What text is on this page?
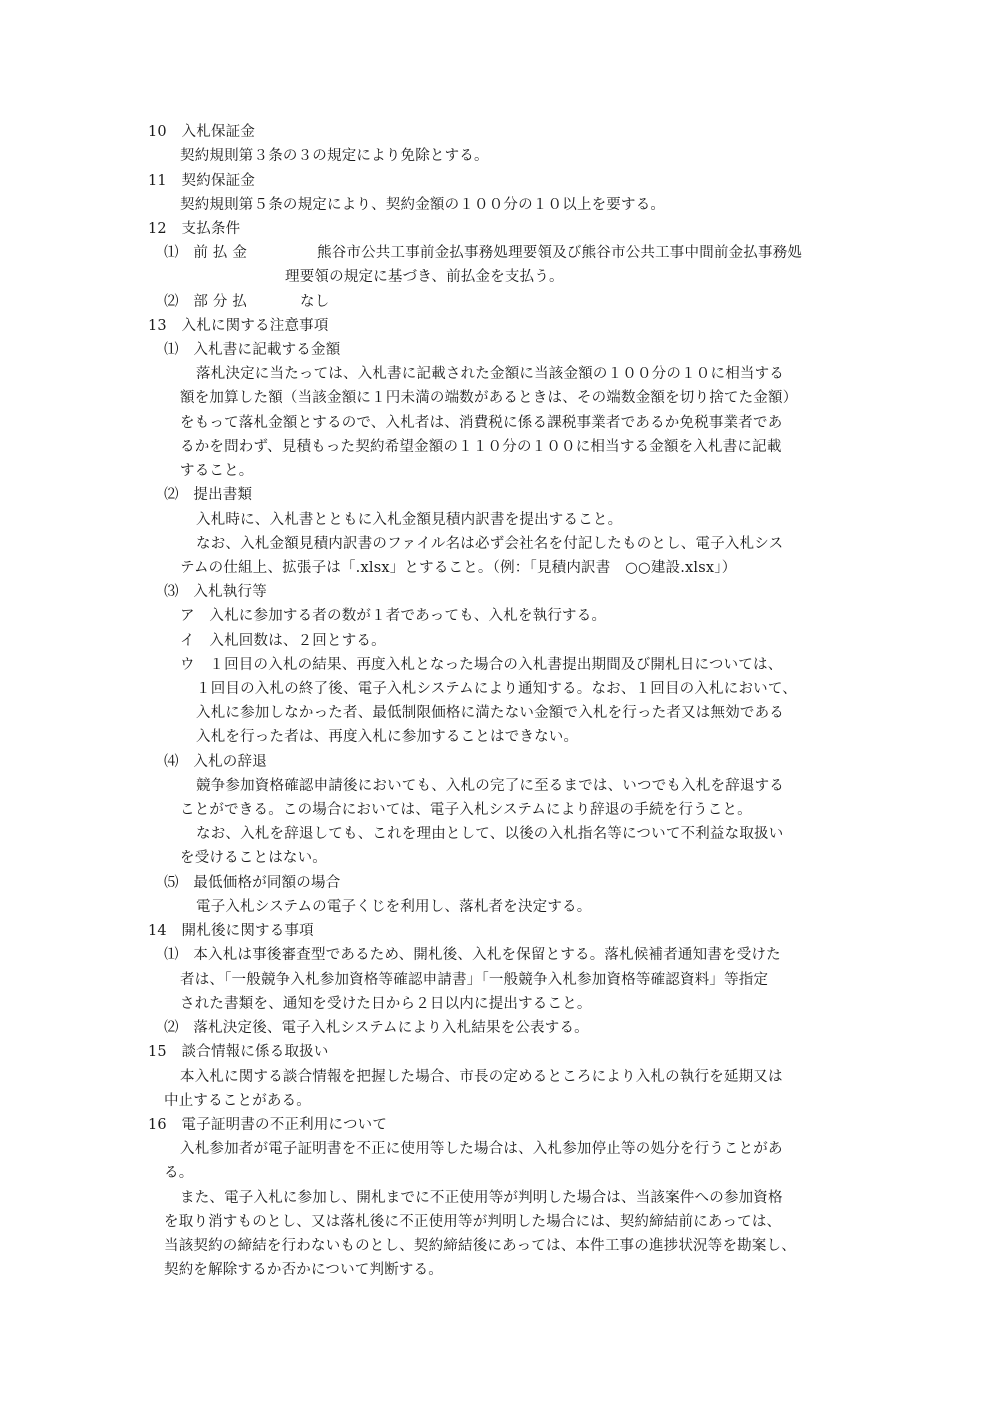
10　入札保証金
契約規則第３条の３の規定により免除とする。
11　契約保証金
契約規則第５条の規定により、契約金額の１００分の１０以上を要する。
12　支払条件
⑴　前 払 金	熊谷市公共工事前金払事務処理要領及び熊谷市公共工事中間前金払事務処
理要領の規定に基づき、前払金を支払う。
⑵　部 分 払	なし
13　入札に関する注意事項
⑴　入札書に記載する金額
落札決定に当たっては、入札書に記載された金額に当該金額の１００分の１０に相当する
額を加算した額（当該金額に１円未満の端数があるときは、その端数金額を切り捨てた金額）
をもって落札金額とするので、入札者は、消費税に係る課税事業者であるか免税事業者であ
るかを問わず、見積もった契約希望金額の１１０分の１００に相当する金額を入札書に記載
すること。
⑵　提出書類
入札時に、入札書とともに入札金額見積内訳書を提出すること。
なお、入札金額見積内訳書のファイル名は必ず会社名を付記したものとし、電子入札シス
テムの仕組上、拡張子は「.xlsx」とすること。（例：「見積内訳書　○○建設.xlsx」）
⑶　入札執行等
ア　入札に参加する者の数が１者であっても、入札を執行する。
イ　入札回数は、２回とする。
ウ　１回目の入札の結果、再度入札となった場合の入札書提出期間及び開札日については、
１回目の入札の終了後、電子入札システムにより通知する。なお、１回目の入札において、
入札に参加しなかった者、最低制限価格に満たない金額で入札を行った者又は無効である
入札を行った者は、再度入札に参加することはできない。
⑷　入札の辞退
競争参加資格確認申請後においても、入札の完了に至るまでは、いつでも入札を辞退する
ことができる。この場合においては、電子入札システムにより辞退の手続を行うこと。
なお、入札を辞退しても、これを理由として、以後の入札指名等について不利益な取扱い
を受けることはない。
⑸　最低価格が同額の場合
電子入札システムの電子くじを利用し、落札者を決定する。
14　開札後に関する事項
⑴　本入札は事後審査型であるため、開札後、入札を保留とする。落札候補者通知書を受けた
者は、「一般競争入札参加資格等確認申請書」「一般競争入札参加資格等確認資料」等指定
された書類を、通知を受けた日から２日以内に提出すること。
⑵　落札決定後、電子入札システムにより入札結果を公表する。
15　談合情報に係る取扱い
本入札に関する談合情報を把握した場合、市長の定めるところにより入札の執行を延期又は
中止することがある。
16　電子証明書の不正利用について
入札参加者が電子証明書を不正に使用等した場合は、入札参加停止等の処分を行うことがあ
る。
また、電子入札に参加し、開札までに不正使用等が判明した場合は、当該案件への参加資格
を取り消すものとし、又は落札後に不正使用等が判明した場合には、契約締結前にあっては、
当該契約の締結を行わないものとし、契約締結後にあっては、本件工事の進捗状況等を勘案し、
契約を解除するか否かについて判断する。
